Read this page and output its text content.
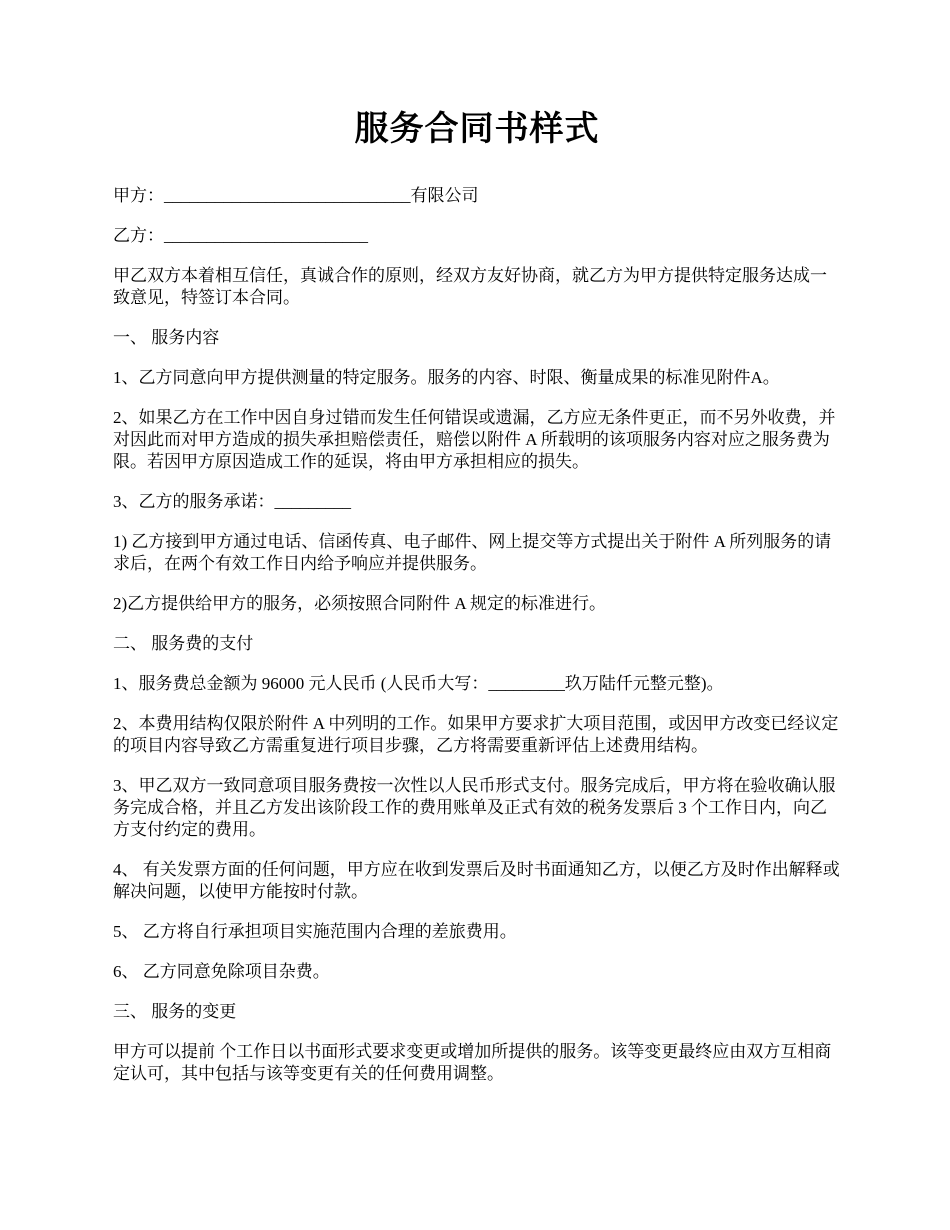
服务合同书样式

甲方：_____________________________有限公司

乙方：________________________

甲乙双方本着相互信任，真诚合作的原则，经双方友好协商，就乙方为甲方提供特定服务达成一致意见，特签订本合同。

一、 服务内容

1、乙方同意向甲方提供测量的特定服务。服务的内容、时限、衡量成果的标准见附件A。

2、如果乙方在工作中因自身过错而发生任何错误或遗漏，乙方应无条件更正，而不另外收费，并对因此而对甲方造成的损失承担赔偿责任，赔偿以附件 A 所载明的该项服务内容对应之服务费为限。若因甲方原因造成工作的延误，将由甲方承担相应的损失。

3、乙方的服务承诺：_________

1) 乙方接到甲方通过电话、信函传真、电子邮件、网上提交等方式提出关于附件 A 所列服务的请求后，在两个有效工作日内给予响应并提供服务。

2)乙方提供给甲方的服务，必须按照合同附件 A 规定的标准进行。

二、 服务费的支付

1、服务费总金额为 96000 元人民币 (人民币大写：_________玖万陆仟元整元整)。

2、本费用结构仅限於附件 A 中列明的工作。如果甲方要求扩大项目范围，或因甲方改变已经议定的项目内容导致乙方需重复进行项目步骤，乙方将需要重新评估上述费用结构。

3、甲乙双方一致同意项目服务费按一次性以人民币形式支付。服务完成后，甲方将在验收确认服务完成合格，并且乙方发出该阶段工作的费用账单及正式有效的税务发票后 3 个工作日内，向乙方支付约定的费用。

4、 有关发票方面的任何问题，甲方应在收到发票后及时书面通知乙方，以便乙方及时作出解释或解决问题，以使甲方能按时付款。

5、 乙方将自行承担项目实施范围内合理的差旅费用。

6、 乙方同意免除项目杂费。

三、 服务的变更

甲方可以提前 个工作日以书面形式要求变更或增加所提供的服务。该等变更最终应由双方互相商定认可，其中包括与该等变更有关的任何费用调整。
